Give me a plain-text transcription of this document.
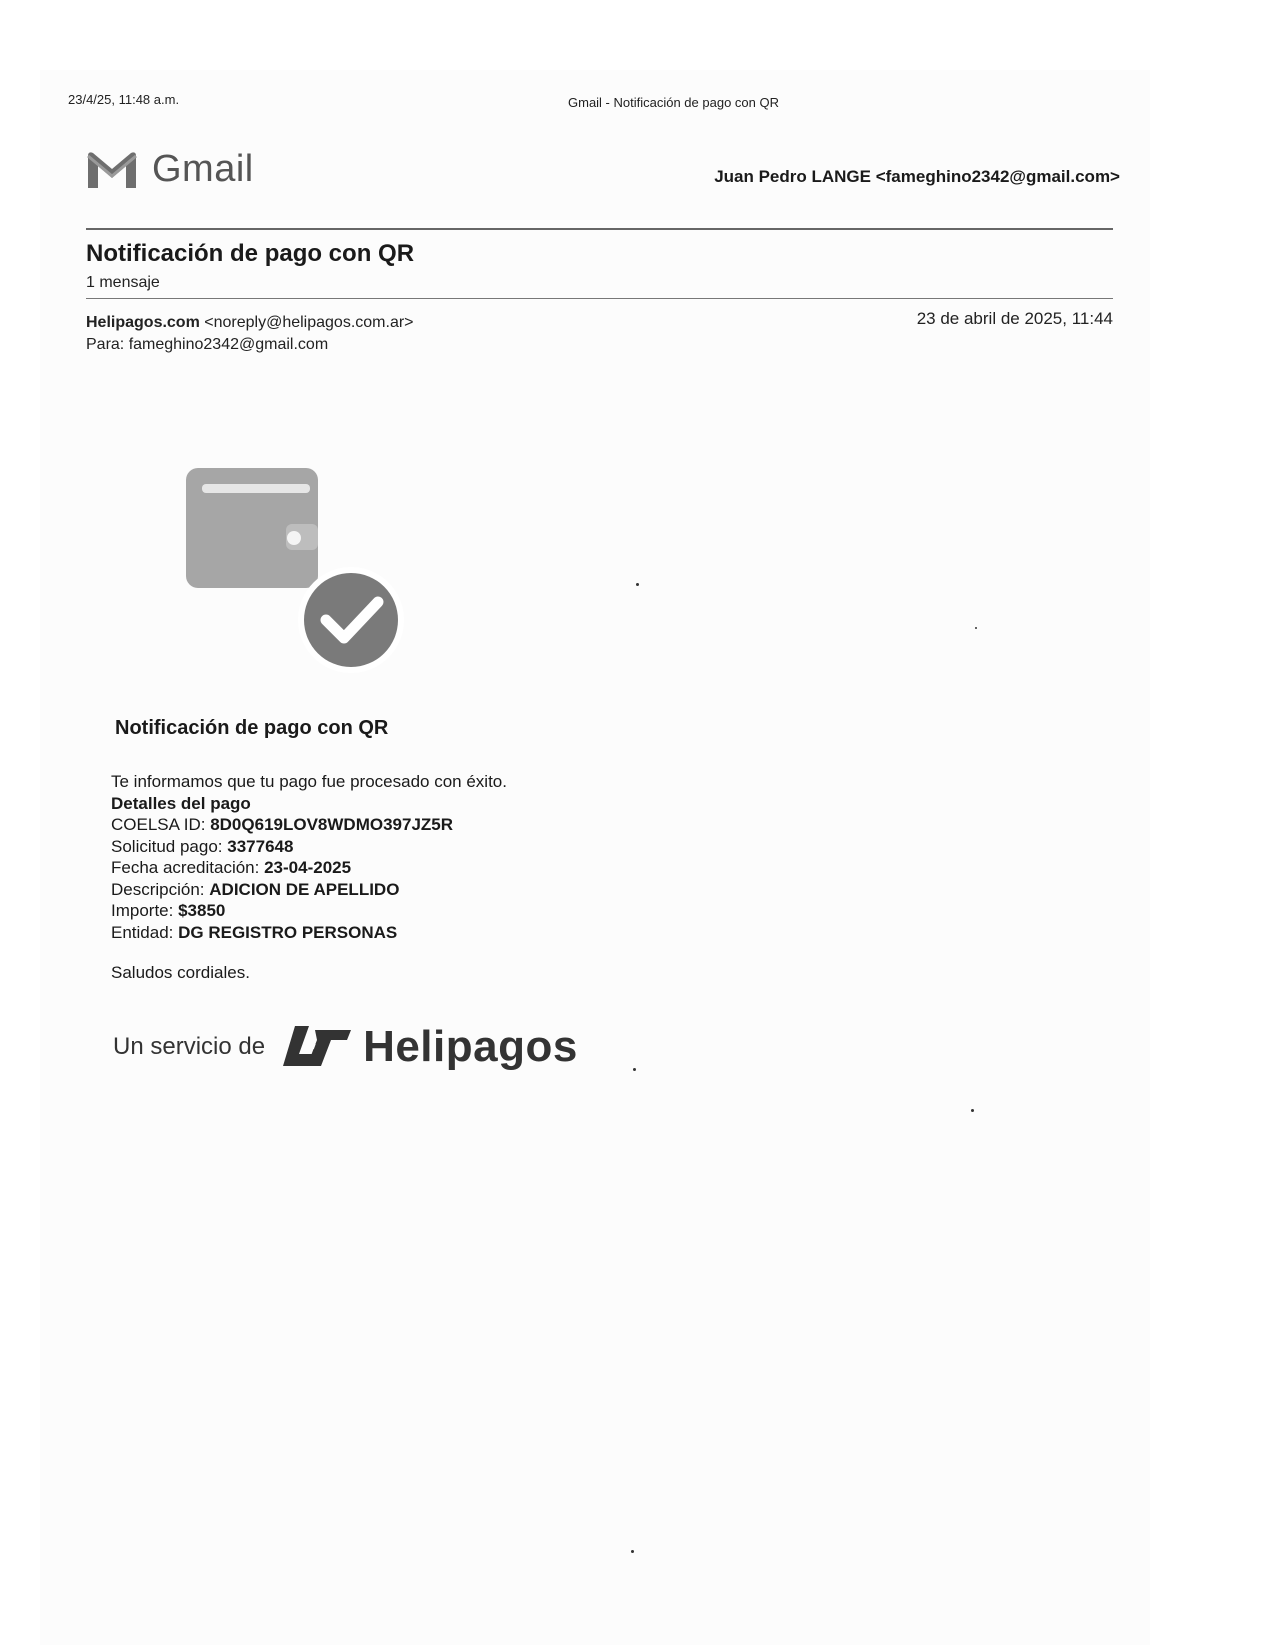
23/4/25, 11:48 a.m.	Gmail - Notificación de pago con QR
Gmail	Juan Pedro LANGE <fameghino2342@gmail.com>
Notificación de pago con QR
1 mensaje
Helipagos.com <noreply@helipagos.com.ar>
Para: fameghino2342@gmail.com
23 de abril de 2025, 11:44
Notificación de pago con QR
Te informamos que tu pago fue procesado con éxito.
Detalles del pago
COELSA ID: 8D0Q619LOV8WDMO397JZ5R
Solicitud pago: 3377648
Fecha acreditación: 23-04-2025
Descripción: ADICION DE APELLIDO
Importe: $3850
Entidad: DG REGISTRO PERSONAS
Saludos cordiales.
Un servicio de Helipagos
